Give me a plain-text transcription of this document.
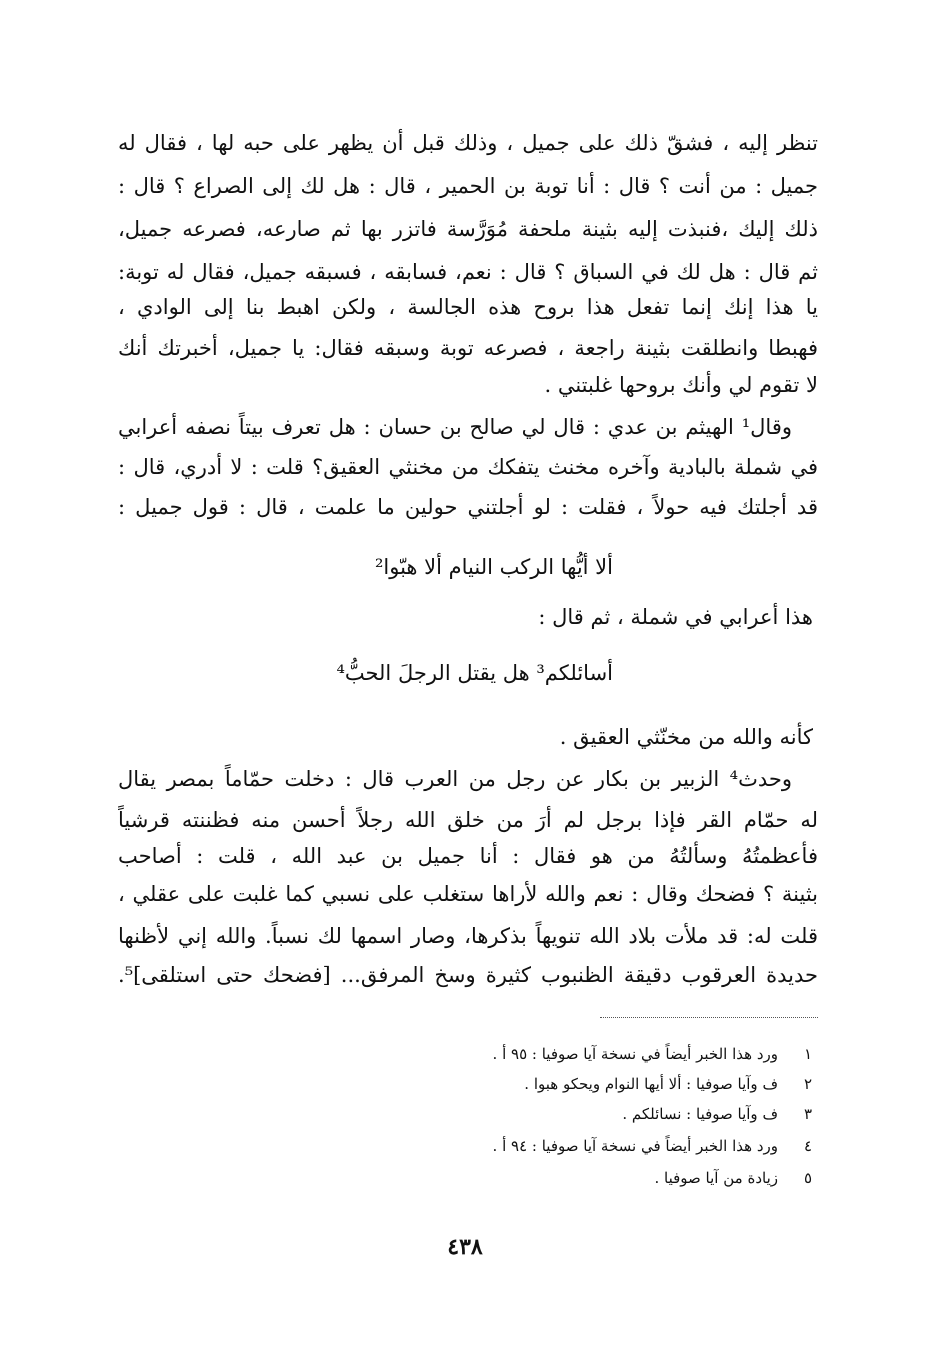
تنظر إليه ، فشقّ ذلك على جميل ، وذلك قبل أن يظهر على حبه لها ، فقال له
جميل : من أنت ؟ قال : أنا توبة بن الحمير ، قال : هل لك إلى الصراع ؟ قال :
ذلك إليك ،فنبذت إليه بثينة ملحفة مُوَرَّسة فاتزر بها ثم صارعه، فصرعه جميل،
ثم قال : هل لك في السباق ؟ قال : نعم، فسابقه ، فسبقه جميل، فقال له توبة:
يا هذا إنك إنما تفعل هذا بروح هذه الجالسة ، ولكن اهبط بنا إلى الوادي ،
فهبطا وانطلقت بثينة راجعة ، فصرعه توبة وسبقه فقال: يا جميل، أخبرتك أنك
لا تقوم لي وأنك بروحها غلبتني .
وقال¹ الهيثم بن عدي : قال لي صالح بن حسان : هل تعرف بيتاً نصفه أعرابي
في شملة بالبادية وآخره مخنث يتفكك من مخنثي العقيق؟ قلت : لا أدري، قال :
قد أجلتك فيه حولاً ، فقلت : لو أجلتني حولين ما علمت ، قال : قول جميل :
ألا أيُّها الركب النيام ألا هبّوا²
هذا أعرابي في شملة ، ثم قال :
أسائلكم³ هل يقتل الرجلَ الحبُّ⁴
كأنه والله من مخنّثي العقيق .
وحدث⁴ الزبير بن بكار عن رجل من العرب قال : دخلت حمّاماً بمصر يقال
له حمّام القر فإذا برجل لم أرَ من خلق الله رجلاً أحسن منه فظننته قرشياً
فأعظمتُهُ وسألتُهُ من هو فقال : أنا جميل بن عبد الله ، قلت : أصاحب
بثينة ؟ فضحك وقال : نعم والله لأراها ستغلب على نسبي كما غلبت على عقلي ،
قلت له: قد ملأت بلاد الله تنويهاً بذكرها، وصار اسمها لك نسباً. والله إني لأظنها
حديدة العرقوب دقيقة الظنبوب كثيرة وسخ المرفق... [فضحك حتى استلقى]⁵.
١ورد هذا الخبر أيضاً في نسخة آيا صوفيا : ٩٥ أ .
٢ف وآيا صوفيا : ألا أيها النوام ويحكو هبوا .
٣ف وآيا صوفيا : نسائلكم .
٤ورد هذا الخبر أيضاً في نسخة آيا صوفيا : ٩٤ أ .
٥زيادة من آيا صوفيا .
٤٣٨
